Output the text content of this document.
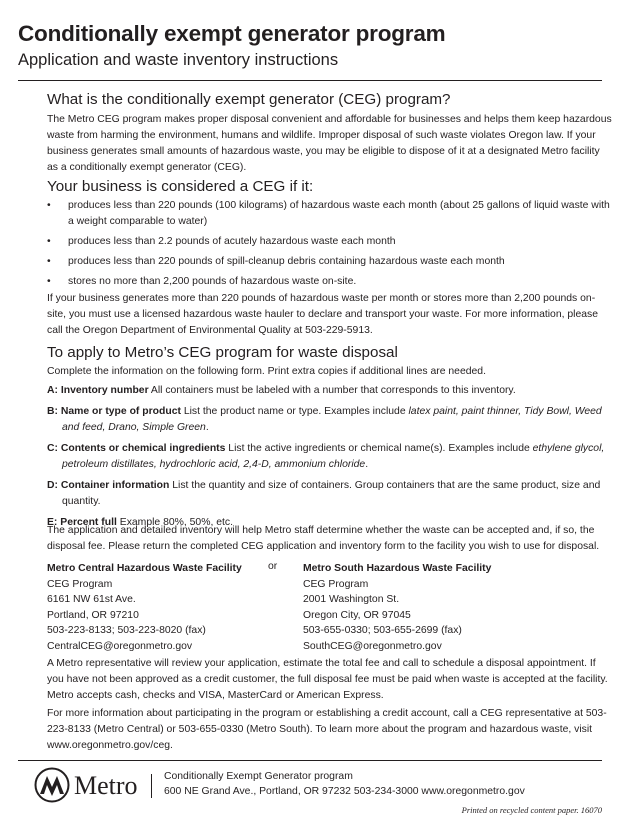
Conditionally exempt generator program
Application and waste inventory instructions
What is the conditionally exempt generator (CEG) program?
The Metro CEG program makes proper disposal convenient and affordable for businesses and helps them keep hazardous waste from harming the environment, humans and wildlife. Improper disposal of such waste violates Oregon law. If your business generates small amounts of hazardous waste, you may be eligible to dispose of it at a designated Metro facility as a conditionally exempt generator (CEG).
Your business is considered a CEG if it:
• produces less than 220 pounds (100 kilograms) of hazardous waste each month (about 25 gallons of liquid waste with a weight comparable to water)
• produces less than 2.2 pounds of acutely hazardous waste each month
• produces less than 220 pounds of spill-cleanup debris containing hazardous waste each month
• stores no more than 2,200 pounds of hazardous waste on-site.
If your business generates more than 220 pounds of hazardous waste per month or stores more than 2,200 pounds on-site, you must use a licensed hazardous waste hauler to declare and transport your waste. For more information, please call the Oregon Department of Environmental Quality at 503-229-5913.
To apply to Metro’s CEG program for waste disposal
Complete the information on the following form. Print extra copies if additional lines are needed.
A: Inventory number All containers must be labeled with a number that corresponds to this inventory.
B: Name or type of product List the product name or type. Examples include latex paint, paint thinner, Tidy Bowl, Weed and feed, Drano, Simple Green.
C: Contents or chemical ingredients List the active ingredients or chemical name(s). Examples include ethylene glycol, petroleum distillates, hydrochloric acid, 2,4-D, ammonium chloride.
D: Container information List the quantity and size of containers. Group containers that are the same product, size and quantity.
E: Percent full Example 80%, 50%, etc.
The application and detailed inventory will help Metro staff determine whether the waste can be accepted and, if so, the disposal fee. Please return the completed CEG application and inventory form to the facility you wish to use for disposal.
Metro Central Hazardous Waste Facility
CEG Program
6161 NW 61st Ave.
Portland, OR 97210
503-223-8133; 503-223-8020 (fax)
CentralCEG@oregonmetro.gov
or Metro South Hazardous Waste Facility
CEG Program
2001 Washington St.
Oregon City, OR 97045
503-655-0330; 503-655-2699 (fax)
SouthCEG@oregonmetro.gov
A Metro representative will review your application, estimate the total fee and call to schedule a disposal appointment. If you have not been approved as a credit customer, the full disposal fee must be paid when waste is accepted at the facility. Metro accepts cash, checks and VISA, MasterCard or American Express.
For more information about participating in the program or establishing a credit account, call a CEG representative at 503-223-8133 (Metro Central) or 503-655-0330 (Metro South). To learn more about the program and hazardous waste, visit www.oregonmetro.gov/ceg.
Metro	Conditionally Exempt Generator program
600 NE Grand Ave., Portland, OR 97232 503-234-3000 www.oregonmetro.gov
Printed on recycled content paper. 16070
